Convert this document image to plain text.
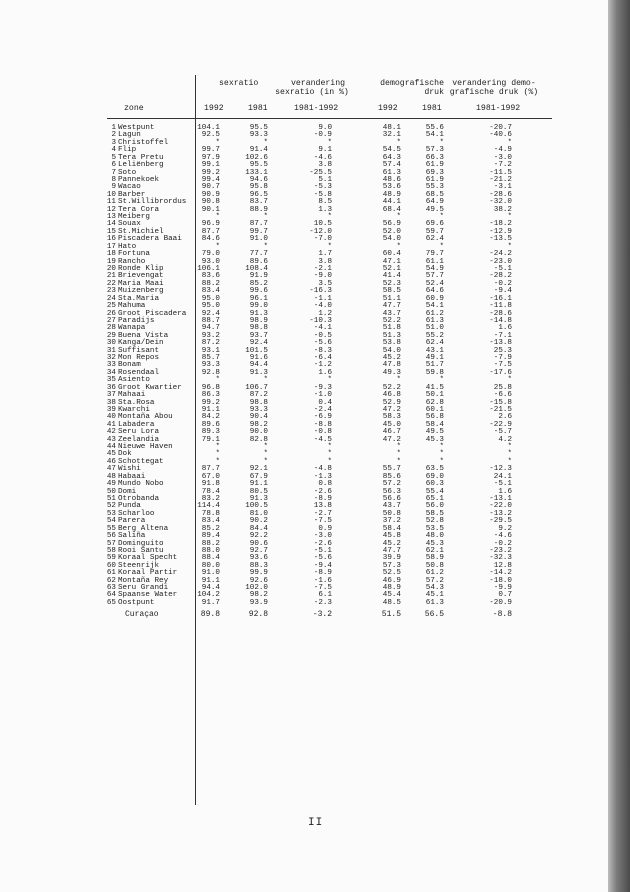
sexratio	verandering
sexratio (in %)
demografische
druk
verandering demo-
grafische druk (%)
zone	1992	1981	1981-1992	1992	1981	1981-1992
1 Westpunt	104.1	95.5	9.0	48.1	55.6	-20.7
2 Lagun	92.5	93.3	-0.9	32.1	54.1	-40.6
3 Christoffel	*	*	*	*	*	*
4 Flip	99.7	91.4	9.1	54.5	57.3	-4.9
5 Tera Pretu	97.9	102.6	-4.6	64.3	66.3	-3.0
6 Leliënberg	99.1	95.5	3.8	57.4	61.9	-7.2
7 Soto	99.2	133.1	-25.5	61.3	69.3	-11.5
8 Pannekoek	99.4	94.6	5.1	48.6	61.9	-21.2
9 Wacao	90.7	95.8	-5.3	53.6	55.3	-3.1
10 Barber	90.9	96.5	-5.8	48.9	68.5	-28.6
11 St.Willibrordus	90.8	83.7	8.5	44.1	64.9	-32.0
12 Tera Cora	90.1	88.9	1.3	68.4	49.5	38.2
13 Meiberg	*	*	*	*	*	*
14 Souax	96.9	87.7	10.5	56.9	69.6	-18.2
15 St.Michiel	87.7	99.7	-12.0	52.0	59.7	-12.9
16 Piscadera Baai	84.6	91.0	-7.0	54.0	62.4	-13.5
17 Hato	*	*	*	*	*	*
18 Fortuna	79.0	77.7	1.7	60.4	79.7	-24.2
19 Rancho	93.0	89.6	3.8	47.1	61.1	-23.0
20 Ronde Klip	106.1	108.4	-2.1	52.1	54.9	-5.1
21 Brievengat	83.6	91.9	-9.0	41.4	57.7	-28.2
22 Maria Maai	88.2	85.2	3.5	52.3	52.4	-0.2
23 Muizenberg	83.4	99.6	-16.3	58.5	64.6	-9.4
24 Sta.Maria	95.0	96.1	-1.1	51.1	60.9	-16.1
25 Mahuma	95.0	99.0	-4.0	47.7	54.1	-11.8
26 Groot Piscadera	92.4	91.3	1.2	43.7	61.2	-28.6
27 Paradijs	88.7	98.9	-10.3	52.2	61.3	-14.8
28 Wanapa	94.7	98.8	-4.1	51.8	51.0	1.6
29 Buena Vista	93.2	93.7	-0.5	51.3	55.2	-7.1
30 Kanga/Dein	87.2	92.4	-5.6	53.8	62.4	-13.8
31 Suffisant	93.1	101.5	-8.3	54.0	43.1	25.3
32 Mon Repos	85.7	91.6	-6.4	45.2	49.1	-7.9
33 Bonam	93.3	94.4	-1.2	47.8	51.7	-7.5
34 Rosendaal	92.8	91.3	1.6	49.3	59.8	-17.6
35 Asiento	*	*	*	*	*	*
36 Groot Kwartier	96.8	106.7	-9.3	52.2	41.5	25.8
37 Mahaai	86.3	87.2	-1.0	46.8	50.1	-6.6
38 Sta.Rosa	99.2	98.8	0.4	52.9	62.8	-15.8
39 Kwarchi	91.1	93.3	-2.4	47.2	60.1	-21.5
40 Montaña Abou	84.2	90.4	-6.9	58.3	56.8	2.6
41 Labadera	89.6	98.2	-8.8	45.0	58.4	-22.9
42 Seru Lora	89.3	90.0	-0.8	46.7	49.5	-5.7
43 Zeelandia	79.1	82.8	-4.5	47.2	45.3	4.2
44 Nieuwe Haven	*	*	*	*	*	*
45 Dok	*	*	*	*	*	*
46 Schottegat	*	*	*	*	*	*
47 Wishi	87.7	92.1	-4.8	55.7	63.5	-12.3
48 Habaai	67.0	67.9	-1.3	85.6	69.0	24.1
49 Mundo Nobo	91.8	91.1	0.8	57.2	60.3	-5.1
50 Domi	78.4	80.5	-2.6	56.3	55.4	1.6
51 Otrobanda	83.2	91.3	-8.9	56.6	65.1	-13.1
52 Punda	114.4	100.5	13.8	43.7	56.0	-22.0
53 Scharloo	78.8	81.0	-2.7	50.8	58.5	-13.2
54 Parera	83.4	90.2	-7.5	37.2	52.8	-29.5
55 Berg Altena	85.2	84.4	0.9	58.4	53.5	9.2
56 Saliña	89.4	92.2	-3.0	45.8	48.0	-4.6
57 Dominguito	88.2	90.6	-2.6	45.2	45.3	-0.2
58 Rooi Santu	88.0	92.7	-5.1	47.7	62.1	-23.2
59 Koraal Specht	88.4	93.6	-5.6	39.9	58.9	-32.3
60 Steenrijk	80.0	88.3	-9.4	57.3	50.8	12.8
61 Koraal Partir	91.0	99.9	-8.9	52.5	61.2	-14.2
62 Montaña Rey	91.1	92.6	-1.6	46.9	57.2	-18.0
63 Seru Grandi	94.4	102.0	-7.5	48.9	54.3	-9.9
64 Spaanse Water	104.2	98.2	6.1	45.4	45.1	0.7
65 Oostpunt	91.7	93.9	-2.3	48.5	61.3	-20.9
Curaçao	89.8	92.8	-3.2	51.5	56.5	-8.8
II
